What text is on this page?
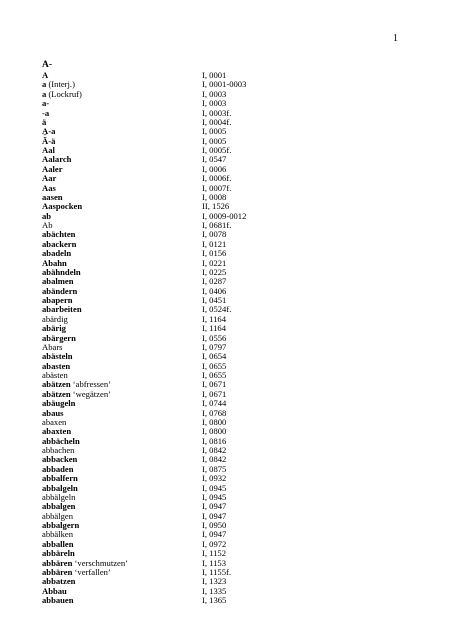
1
A-
A	I, 0001
a (Interj.)	I, 0001-0003
a (Lockruf)	I, 0003
a-	I, 0003
-a	I, 0003f.
ä	I, 0004f.
A̱-a	I, 0005
Ä-ä	I, 0005
Aal	I, 0005f.
Aalarch	I, 0547
Aaler	I, 0006
Aar	I, 0006f.
Aas	I, 0007f.
aasen	I, 0008
Aaspocken	II, 1526
ab	I, 0009-0012
Ab	I, 0681f.
abächten	I, 0078
abackern	I, 0121
abadeln	I, 0156
Abahn	I, 0221
abähndeln	I, 0225
abalmen	I, 0287
abändern	I, 0406
abapern	I, 0451
abarbeiten	I, 0524f.
abärdig	I, 1164
abärig	I, 1164
abärgern	I, 0556
Abars	I, 0797
abästeln	I, 0654
abasten	I, 0655
abästen	I, 0655
abätzen ‘abfressen’	I, 0671
abätzen ‘wegätzen’	I, 0671
abäugeln	I, 0744
abaus	I, 0768
abaxen	I, 0800
abaxten	I, 0800
abbächeln	I, 0816
abbachen	I, 0842
abbacken	I, 0842
abbaden	I, 0875
abbalfern	I, 0932
abbalgeln	I, 0945
abbälgeln	I, 0945
abbalgen	I, 0947
abbälgen	I, 0947
abbalgern	I, 0950
abbälken	I, 0947
abballen	I, 0972
abbäreln	I, 1152
abbären ‘verschmutzen’	I, 1153
abbären ‘verfallen’	I, 1155f.
abbatzen	I, 1323
Abbau	I, 1335
abbauen	I, 1365
